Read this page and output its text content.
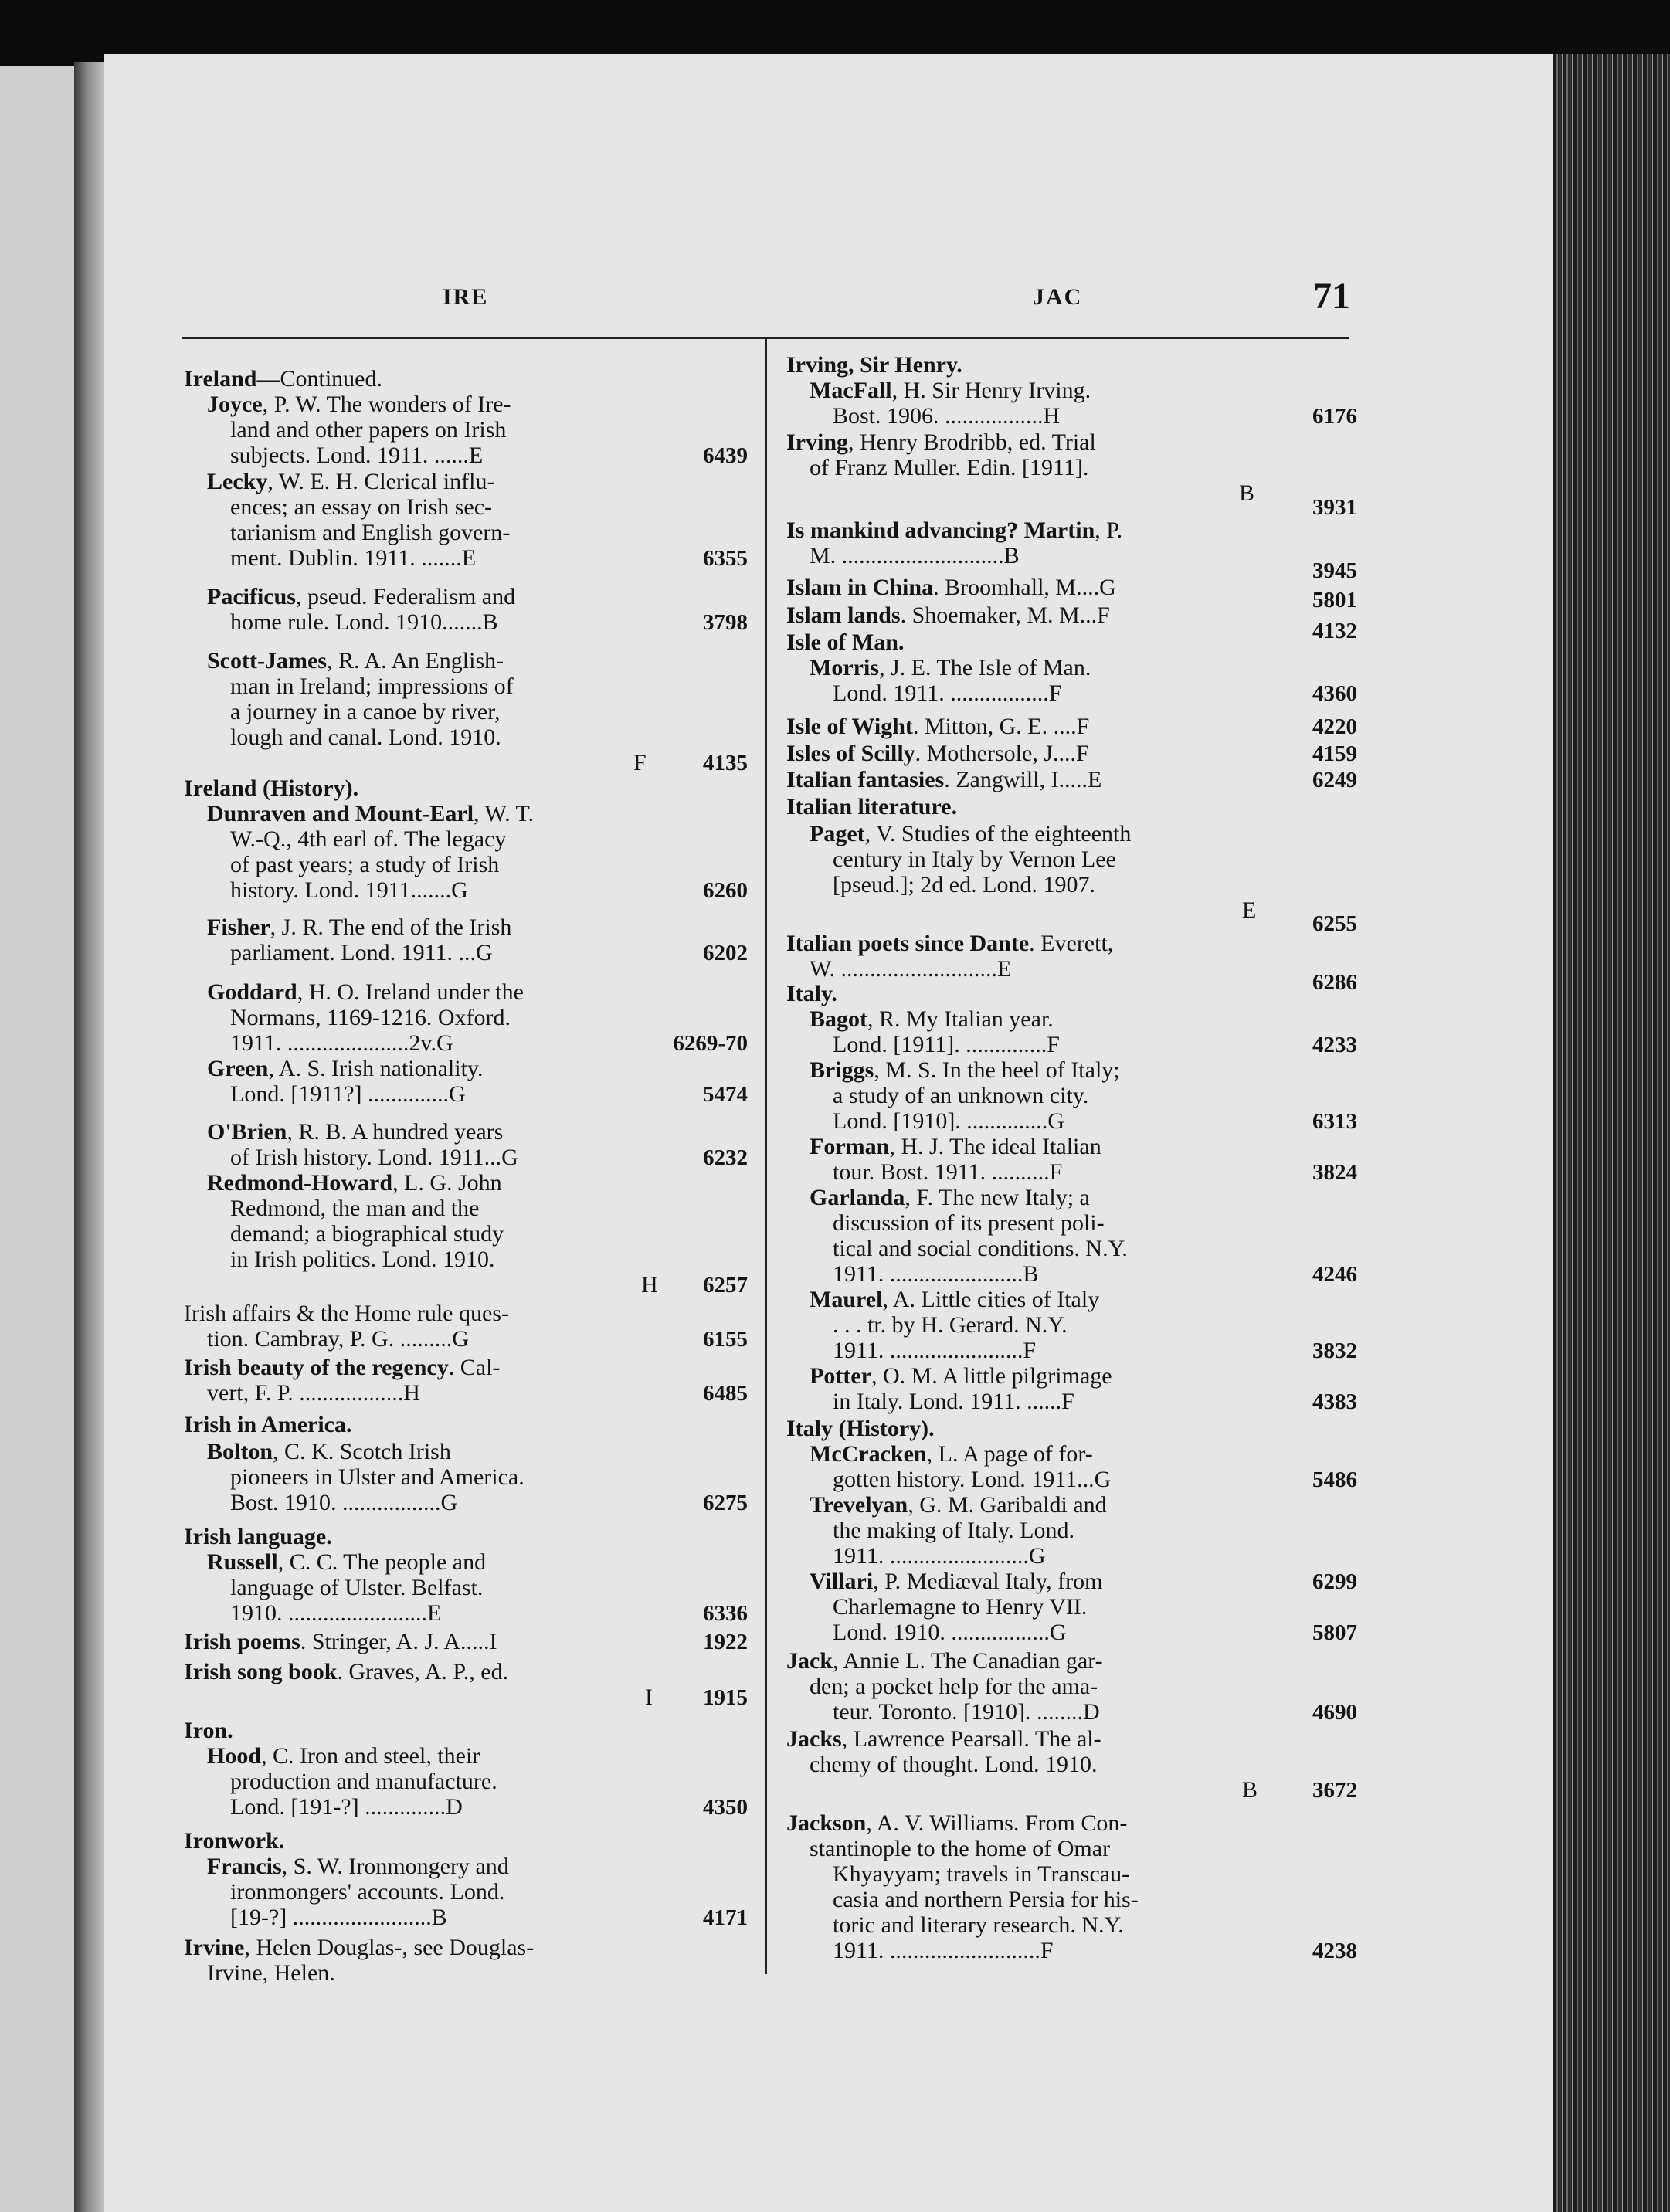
IRE	JAC	71
Ireland—Continued.
Joyce, P. W. The wonders of Ire-
land and other papers on Irish
subjects. Lond. 1911. ......E
Lecky, W. E. H. Clerical influ-
ences; an essay on Irish sec-
tarianism and English govern-
ment. Dublin. 1911. .......E
Pacificus, pseud. Federalism and
home rule. Lond. 1910.......B
Scott-James, R. A. An English-
man in Ireland; impressions of
a journey in a canoe by river,
lough and canal. Lond. 1910.
F
Ireland (History).
Dunraven and Mount-Earl, W. T.
W.-Q., 4th earl of. The legacy
of past years; a study of Irish
history. Lond. 1911.......G
Fisher, J. R. The end of the Irish
parliament. Lond. 1911. ...G
Goddard, H. O. Ireland under the
Normans, 1169-1216. Oxford.
1911. .....................2v.G
Green, A. S. Irish nationality.
Lond. [1911?] ..............G
O'Brien, R. B. A hundred years
of Irish history. Lond. 1911...G
Redmond-Howard, L. G. John
Redmond, the man and the
demand; a biographical study
in Irish politics. Lond. 1910.
H
Irish affairs & the Home rule ques-
tion. Cambray, P. G. .........G
Irish beauty of the regency. Cal-
vert, F. P. ..................H
Irish in America.
Bolton, C. K. Scotch Irish
pioneers in Ulster and America.
Bost. 1910. .................G
Irish language.
Russell, C. C. The people and
language of Ulster. Belfast.
1910. ........................E
Irish poems. Stringer, A. J. A.....I
Irish song book. Graves, A. P., ed.
I
Iron.
Hood, C. Iron and steel, their
production and manufacture.
Lond. [191-?] ..............D
Ironwork.
Francis, S. W. Ironmongery and
ironmongers' accounts. Lond.
[19-?] ........................B
Irvine, Helen Douglas-, see Douglas-
Irvine, Helen.
6439
6355
3798
4135
6260
6202
6269-70
5474
6232
6257
6155
6485
6275
6336
1922
1915
4350
4171
Irving, Sir Henry.
MacFall, H. Sir Henry Irving.
Bost. 1906. .................H
Irving, Henry Brodribb, ed. Trial
of Franz Muller. Edin. [1911].
B
Is mankind advancing? Martin, P.
M. ............................B
Islam in China. Broomhall, M....G
Islam lands. Shoemaker, M. M...F
Isle of Man.
Morris, J. E. The Isle of Man.
Lond. 1911. .................F
Isle of Wight. Mitton, G. E. ....F
Isles of Scilly. Mothersole, J....F
Italian fantasies. Zangwill, I.....E
Italian literature.
Paget, V. Studies of the eighteenth
century in Italy by Vernon Lee
[pseud.]; 2d ed. Lond. 1907.
E
Italian poets since Dante. Everett,
W. ...........................E
Italy.
Bagot, R. My Italian year.
Lond. [1911]. ..............F
Briggs, M. S. In the heel of Italy;
a study of an unknown city.
Lond. [1910]. ..............G
Forman, H. J. The ideal Italian
tour. Bost. 1911. ..........F
Garlanda, F. The new Italy; a
discussion of its present poli-
tical and social conditions. N.Y.
1911. .......................B
Maurel, A. Little cities of Italy
. . . tr. by H. Gerard. N.Y.
1911. .......................F
Potter, O. M. A little pilgrimage
in Italy. Lond. 1911. ......F
Italy (History).
McCracken, L. A page of for-
gotten history. Lond. 1911...G
Trevelyan, G. M. Garibaldi and
the making of Italy. Lond.
1911. ........................G
Villari, P. Mediæval Italy, from
Charlemagne to Henry VII.
Lond. 1910. .................G
Jack, Annie L. The Canadian gar-
den; a pocket help for the ama-
teur. Toronto. [1910]. ........D
Jacks, Lawrence Pearsall. The al-
chemy of thought. Lond. 1910.
B
Jackson, A. V. Williams. From Con-
stantinople to the home of Omar
Khyayyam; travels in Transcau-
casia and northern Persia for his-
toric and literary research. N.Y.
1911. ..........................F
6176
3931
3945
5801
4132
4360
4220
4159
6249
6255
6286
4233
6313
3824
4246
3832
4383
5486
6299
5807
4690
3672
4238
